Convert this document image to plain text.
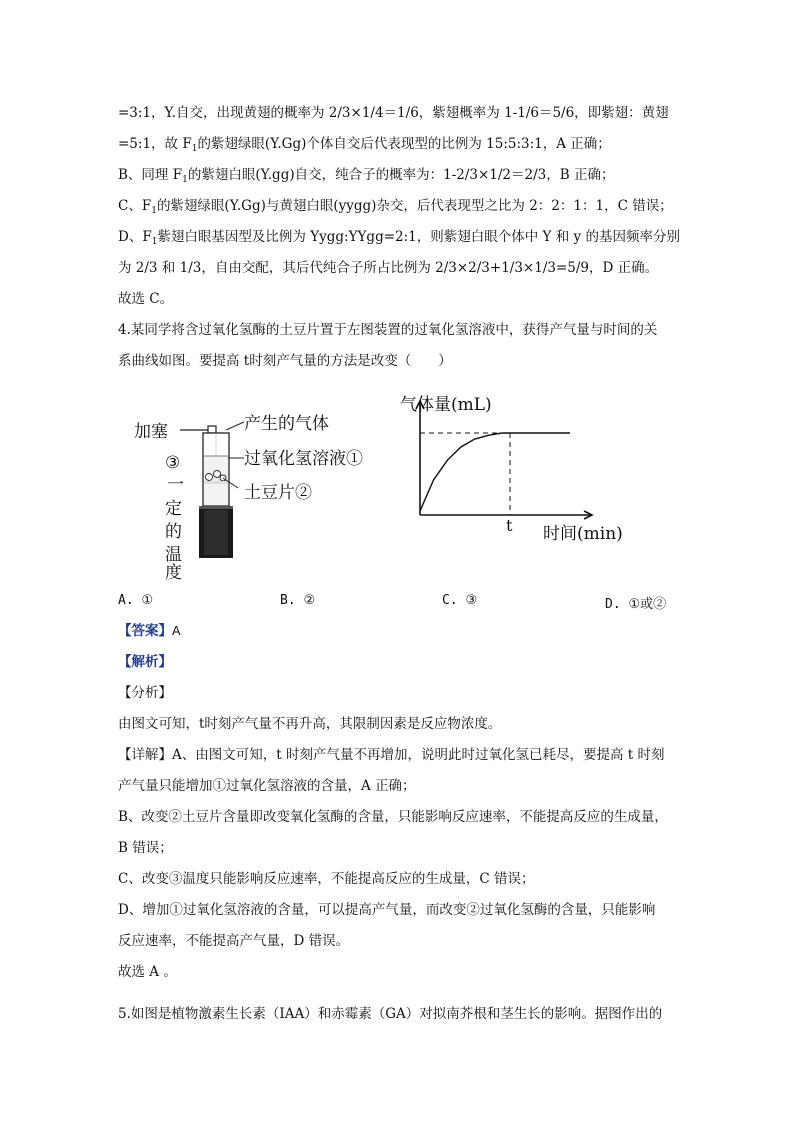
=3:1，Y.自交，出现黄翅的概率为 2/3×1/4＝1/6，紫翅概率为 1-1/6＝5/6，即紫翅：黄翅
=5:1，故 $F_1$的紫翅绿眼(Y.Gg)个体自交后代表现型的比例为 15:5:3:1，A 正确；
B、同理 $F_1$的紫翅白眼(Y.gg)自交，纯合子的概率为：1-2/3×1/2＝2/3，B 正确；
C、$F_1$的紫翅绿眼(Y.Gg)与黄翅白眼(yygg)杂交，后代表现型之比为 2：2：1：1，C 错误；
D、$F_1$紫翅白眼基因型及比例为 Yygg:YYgg=2:1，则紫翅白眼个体中 Y 和 y 的基因频率分别
为 2/3 和 1/3，自由交配，其后代纯合子所占比例为 2/3×2/3+1/3×1/3=5/9，D 正确。
故选 C。
4.某同学将含过氧化氢酶的土豆片置于左图装置的过氧化氢溶液中，获得产气量与时间的关
系曲线如图。要提高 t时刻产气量的方法是改变（　　）
加塞	产生的气体
过氧化氢溶液①
土豆片②
③
一
定
的
温
度
气体量(mL)
时间(min)
t
A. ①	B. ②	C. ③	D. ①或②
【答案】A
【解析】
【分析】
由图文可知，t时刻产气量不再升高，其限制因素是反应物浓度。
【详解】A、由图文可知，t 时刻产气量不再增加，说明此时过氧化氢已耗尽，要提高 t 时刻
产气量只能增加①过氧化氢溶液的含量，A 正确；
B、改变②土豆片含量即改变氧化氢酶的含量，只能影响反应速率，不能提高反应的生成量，
B 错误；
C、改变③温度只能影响反应速率，不能提高反应的生成量，C 错误；
D、增加①过氧化氢溶液的含量，可以提高产气量，而改变②过氧化氢酶的含量，只能影响
反应速率，不能提高产气量，D 错误。
故选 A 。
5.如图是植物激素生长素（IAA）和赤霉素（GA）对拟南芥根和茎生长的影响。据图作出的
